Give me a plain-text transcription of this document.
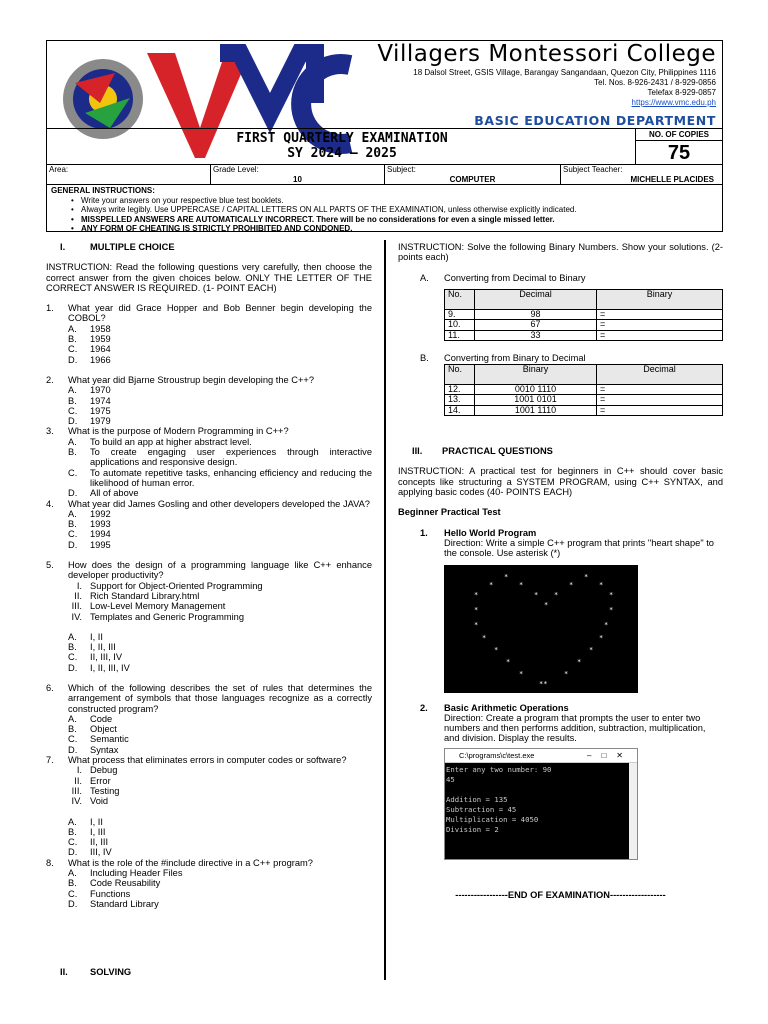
Villagers Montessori College
18 Dalsol Street, GSIS Village, Barangay Sangandaan, Quezon City, Philippines 1116
Tel. Nos. 8-926-2431 / 8-929-0856
Telefax 8-929-0857
https://www.vmc.edu.ph
BASIC EDUCATION DEPARTMENT
FIRST QUARTERLY EXAMINATION
SY 2024 – 2025
NO. OF COPIES
75
Area:	Grade Level:
10
Subject:
COMPUTER
Subject Teacher:
MICHELLE PLACIDES
GENERAL INSTRUCTIONS:
• Write your answers on your respective blue test booklets.
• Always write legibly. Use UPPERCASE / CAPITAL LETTERS ON ALL PARTS OF THE EXAMINATION, unless otherwise explicitly indicated.
• MISSPELLED ANSWERS ARE AUTOMATICALLY INCORRECT. There will be no considerations for even a single missed letter.
• ANY FORM OF CHEATING IS STRICTLY PROHIBITED AND CONDONED.
I.	MULTIPLE CHOICE
INSTRUCTION: Read the following questions very carefully, then choose the correct answer from the given choices below. ONLY THE LETTER OF THE CORRECT ANSWER IS REQUIRED. (1- POINT EACH)
1.	What year did Grace Hopper and Bob Benner begin developing the COBOL?
A.	1958
B.	1959
C.	1964
D.	1966
2.	What year did Bjarne Stroustrup begin developing the C++?
A.	1970
B.	1974
C.	1975
D.	1979
3.	What is the purpose of Modern Programming in C++?
A.	To build an app at higher abstract level.
B.	To create engaging user experiences through interactive applications and responsive design.
C.	To automate repetitive tasks, enhancing efficiency and reducing the likelihood of human error.
D.	All of above
4.	What year did James Gosling and other developers developed the JAVA?
A.	1992
B.	1993
C.	1994
D.	1995
5.	How does the design of a programming language like C++ enhance developer productivity?
I. Support for Object-Oriented Programming
II. Rich Standard Library.html
III. Low-Level Memory Management
IV. Templates and Generic Programming
A.	I, II
B.	I, II, III
C.	II, III, IV
D.	I, II, III, IV
6.	Which of the following describes the set of rules that determines the arrangement of symbols that those languages recognize as a correctly constructed program?
A.	Code
B.	Object
C.	Semantic
D.	Syntax
7.	What process that eliminates errors in computer codes or software?
I. Debug
II. Error
III. Testing
IV. Void
A.	I, II
B.	I, III
C.	II, III
D.	III, IV
8.	What is the role of the #include directive in a C++ program?
A.	Including Header Files
B.	Code Reusability
C.	Functions
D.	Standard Library
II.	SOLVING
INSTRUCTION: Solve the following Binary Numbers. Show your solutions. (2- points each)
A.	Converting from Decimal to Binary
No.	Decimal	Binary
9.	98	=
10.	67	=
11.	33	=
B.	Converting from Binary to Decimal
No.	Binary	Decimal
12.	0010 1110	=
13.	1001 0101	=
14.	1001 1110	=
III.	PRACTICAL QUESTIONS
INSTRUCTION: A practical test for beginners in C++ should cover basic concepts like structuring a SYSTEM PROGRAM, using C++ SYNTAX, and applying basic codes (40- POINTS EACH)
Beginner Practical Test
1.	Hello World Program
Direction: Write a simple C++ program that prints "heart shape" to the console. Use asterisk (*)
*
*
*	*
*
*
*	* *	*
*
*	*
*	*
*	*
*	*
*	*
*	*
**
2.	Basic Arithmetic Operations
Direction: Create a program that prompts the user to enter two numbers and then performs addition, subtraction, multiplication, and division. Display the results.
C:\programs\c\test.exe	–□✕
Enter any two number: 90
45

Addition = 135
Subtraction = 45
Multiplication = 4050
Division = 2
-----------------END OF EXAMINATION------------------
